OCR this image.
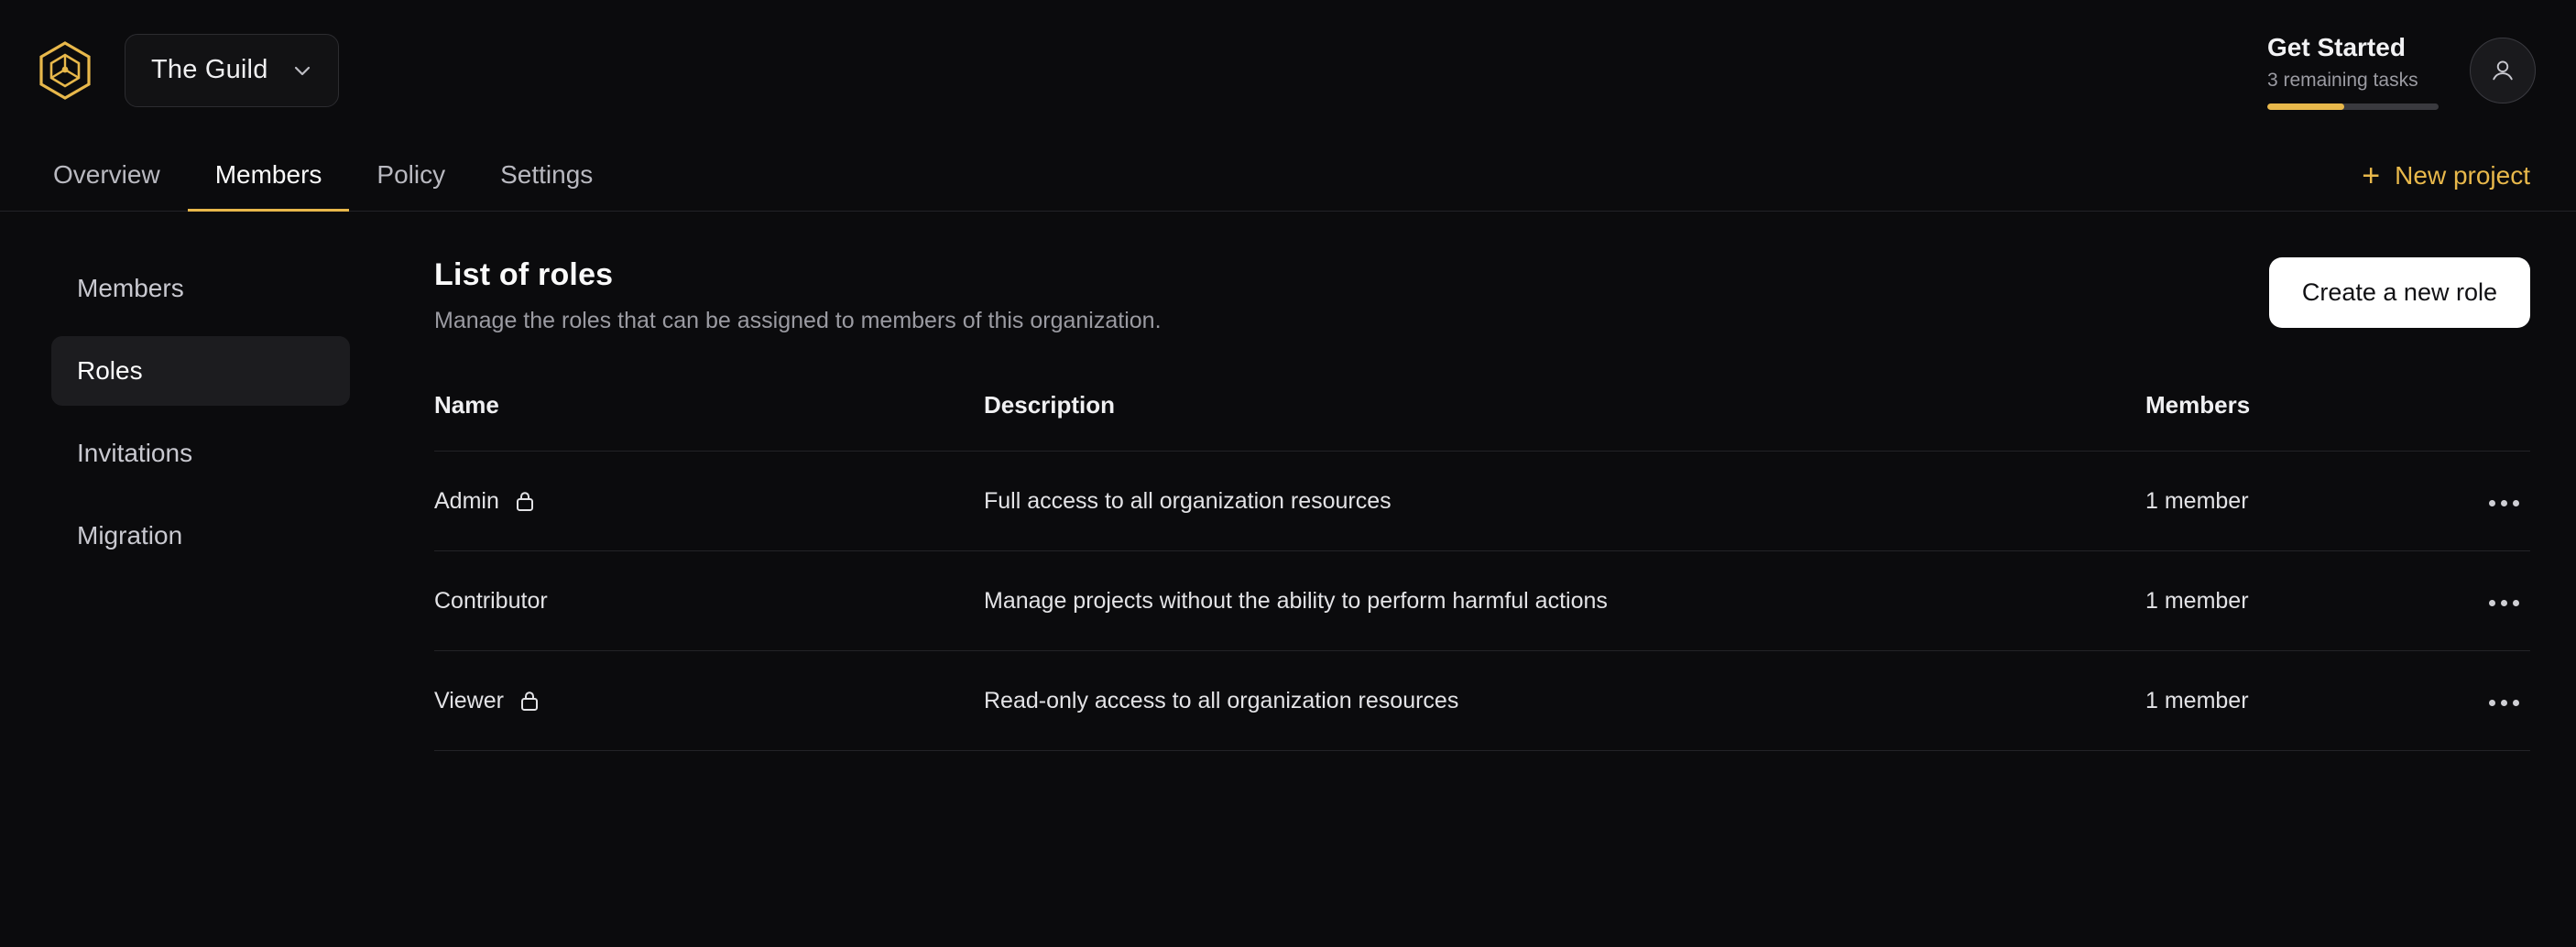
The Guild
Get Started
3 remaining tasks
Overview	Members	Policy	Settings	+ New project
Members
Roles
Invitations
Migration
List of roles
Manage the roles that can be assigned to members of this organization.
Create a new role
Name	Description	Members	

Admin	Full access to all organization resources	1 member	

Contributor	Manage projects without the ability to perform harmful actions	1 member	

Viewer	Read-only access to all organization resources	1 member	
